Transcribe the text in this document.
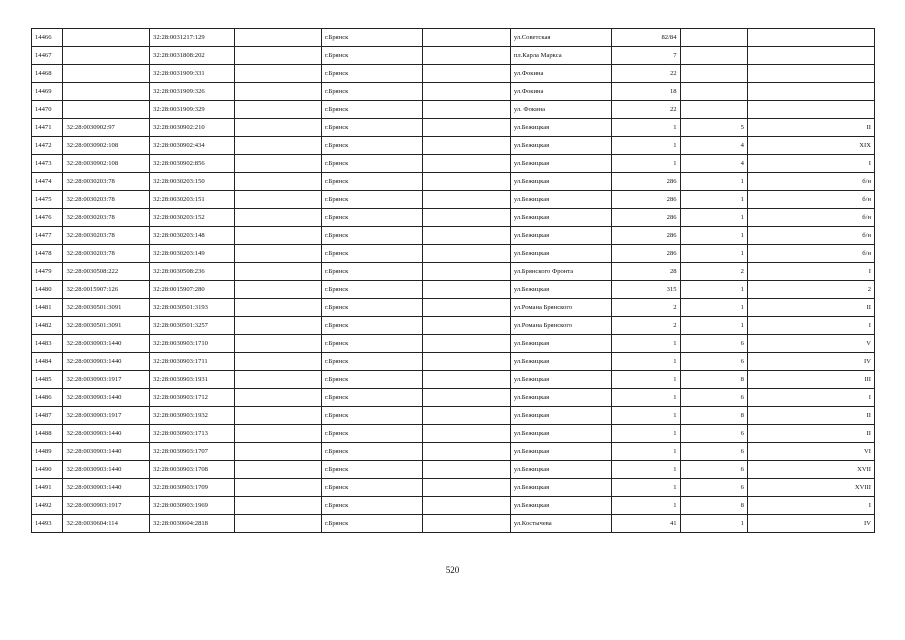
14466		32:28:0031217:129		г.Брянск		ул.Советская	82/84		
14467		32:28:0031808:202		г.Брянск		пл.Карла Маркса	7		
14468		32:28:0031909:331		г.Брянск		ул.Фокина	22		
14469		32:28:0031909:326		г.Брянск		ул.Фокина	18		
14470		32:28:0031909:329		г.Брянск		ул. Фокина	22		
14471	32:28:0030902:97	32:28:0030902:210		г.Брянск		ул.Бежицкая	1	5	II
14472	32:28:0030902:108	32:28:0030902:434		г.Брянск		ул.Бежицкая	1	4	XIX
14473	32:28:0030902:108	32:28:0030902:856		г.Брянск		ул.Бежицкая	1	4	I
14474	32:28:0030203:78	32:28:0030203:150		г.Брянск		ул.Бежицкая	286	1	б/н
14475	32:28:0030203:78	32:28:0030203:151		г.Брянск		ул.Бежицкая	286	1	б/н
14476	32:28:0030203:78	32:28:0030203:152		г.Брянск		ул.Бежицкая	286	1	б/н
14477	32:28:0030203:78	32:28:0030203:148		г.Брянск		ул.Бежицкая	286	1	б/н
14478	32:28:0030203:78	32:28:0030203:149		г.Брянск		ул.Бежицкая	286	1	б/н
14479	32:28:0030508:222	32:28:0030508:236		г.Брянск		ул.Брянского Фронта	28	2	I
14480	32:28:0015907:126	32:28:0015907:280		г.Брянск		ул.Бежицкая	315	1	2
14481	32:28:0030501:3091	32:28:0030501:3193		г.Брянск		ул.Романа Брянского	2	1	II
14482	32:28:0030501:3091	32:28:0030501:3257		г.Брянск		ул.Романа Брянского	2	1	I
14483	32:28:0030903:1440	32:28:0030903:1710		г.Брянск		ул.Бежицкая	1	6	V
14484	32:28:0030903:1440	32:28:0030903:1711		г.Брянск		ул.Бежицкая	1	6	IV
14485	32:28:0030903:1917	32:28:0030903:1931		г.Брянск		ул.Бежицкая	1	8	III
14486	32:28:0030903:1440	32:28:0030903:1712		г.Брянск		ул.Бежицкая	1	6	I
14487	32:28:0030903:1917	32:28:0030903:1932		г.Брянск		ул.Бежицкая	1	8	II
14488	32:28:0030903:1440	32:28:0030903:1713		г.Брянск		ул.Бежицкая	1	6	II
14489	32:28:0030903:1440	32:28:0030903:1707		г.Брянск		ул.Бежицкая	1	6	VI
14490	32:28:0030903:1440	32:28:0030903:1708		г.Брянск		ул.Бежицкая	1	6	XVII
14491	32:28:0030903:1440	32:28:0030903:1709		г.Брянск		ул.Бежицкая	1	6	XVIII
14492	32:28:0030903:1917	32:28:0030903:1969		г.Брянск		ул.Бежицкая	1	8	I
14493	32:28:0030604:114	32:28:0030604:2818		г.Брянск		ул.Костычева	41	1	IV
520
